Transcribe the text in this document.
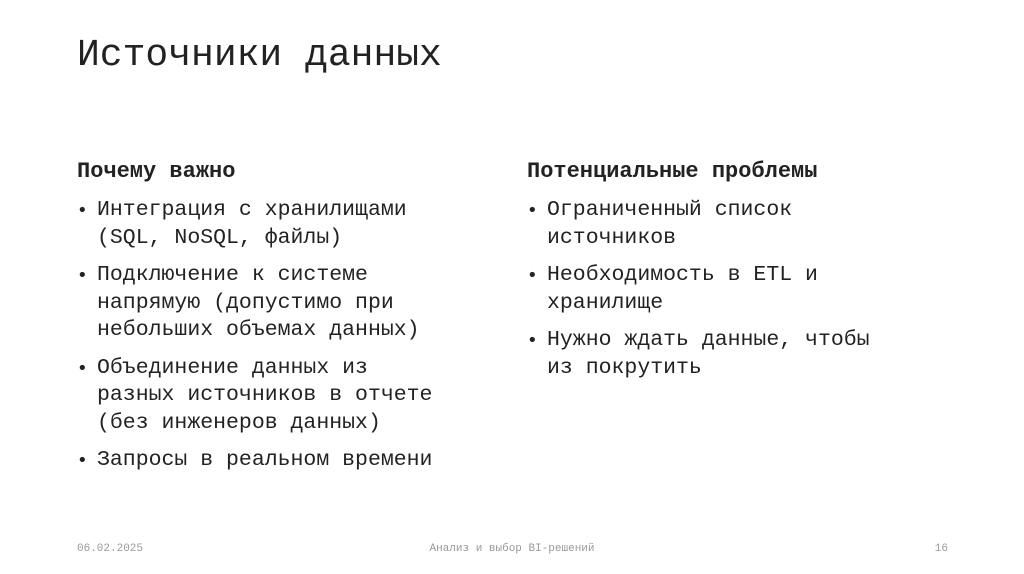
Источники данных
Почему важно
• Интеграция с хранилищами
(SQL, NoSQL, файлы)
• Подключение к системе
напрямую (допустимо при
небольших объемах данных)
• Объединение данных из
разных источников в отчете
(без инженеров данных)
• Запросы в реальном времени
Потенциальные проблемы
• Ограниченный список
источников
• Необходимость в ETL и
хранилище
• Нужно ждать данные, чтобы
из покрутить
06.02.2025	Анализ и выбор BI-решений	16
